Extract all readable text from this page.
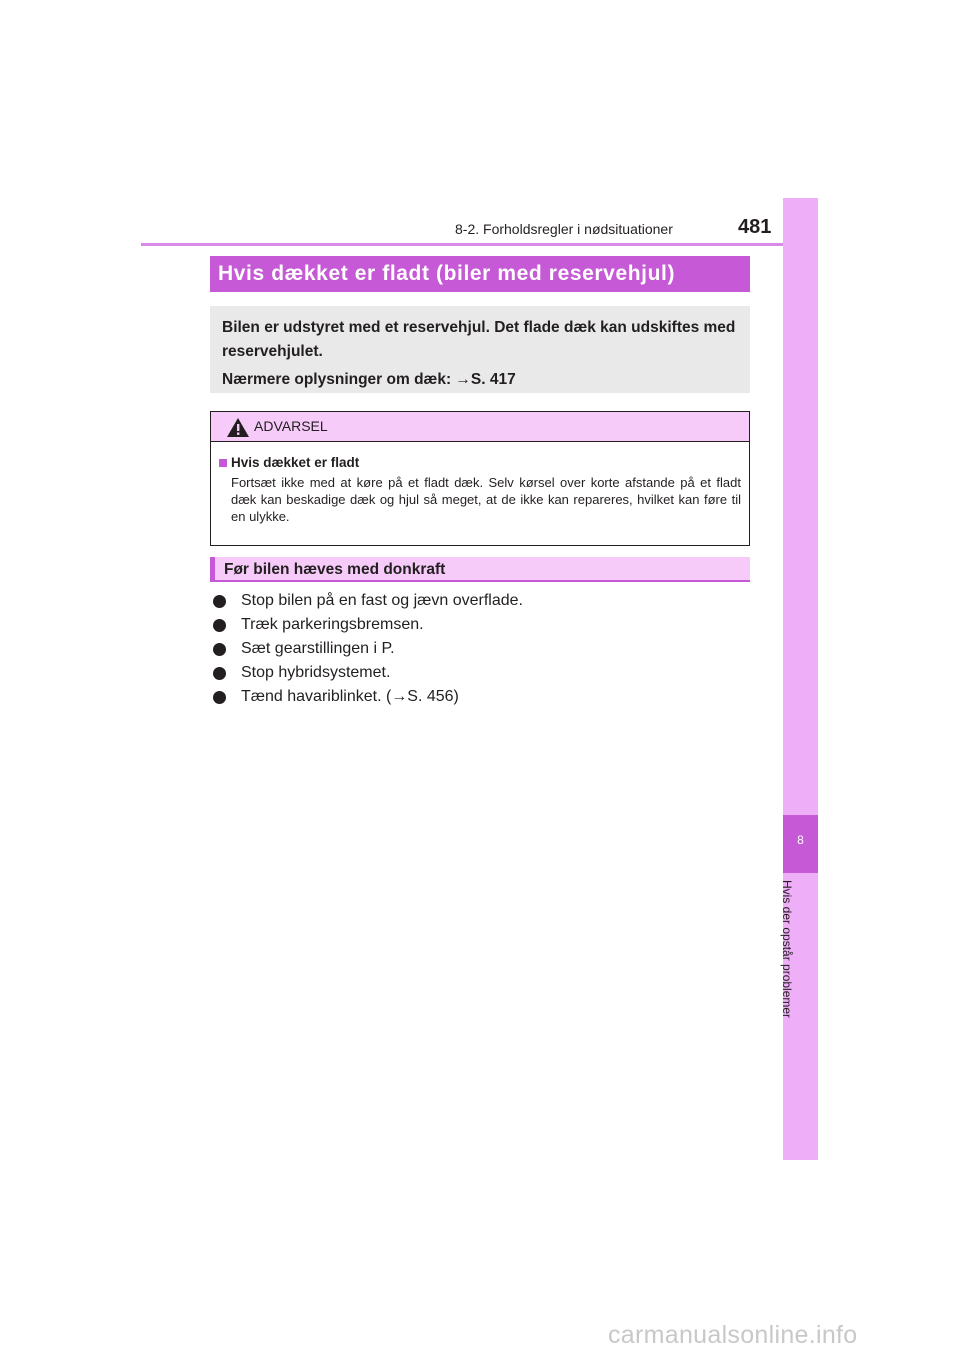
8-2. Forholdsregler i nødsituationer	481
8
Hvis der opstår problemer
Hvis dækket er fladt (biler med reservehjul)

Bilen er udstyret med et reservehjul. Det flade dæk kan udskiftes med reservehjulet.

Nærmere oplysninger om dæk: →S. 417

ADVARSEL
Hvis dækket er fladt
Fortsæt ikke med at køre på et fladt dæk. Selv kørsel over korte afstande på et fladt dæk kan beskadige dæk og hjul så meget, at de ikke kan repareres, hvilket kan føre til en ulykke.
Før bilen hæves med donkraft
Stop bilen på en fast og jævn overflade.
Træk parkeringsbremsen.
Sæt gearstillingen i P.
Stop hybridsystemet.
Tænd havariblinket. (→S. 456)
carmanualsonline.info
